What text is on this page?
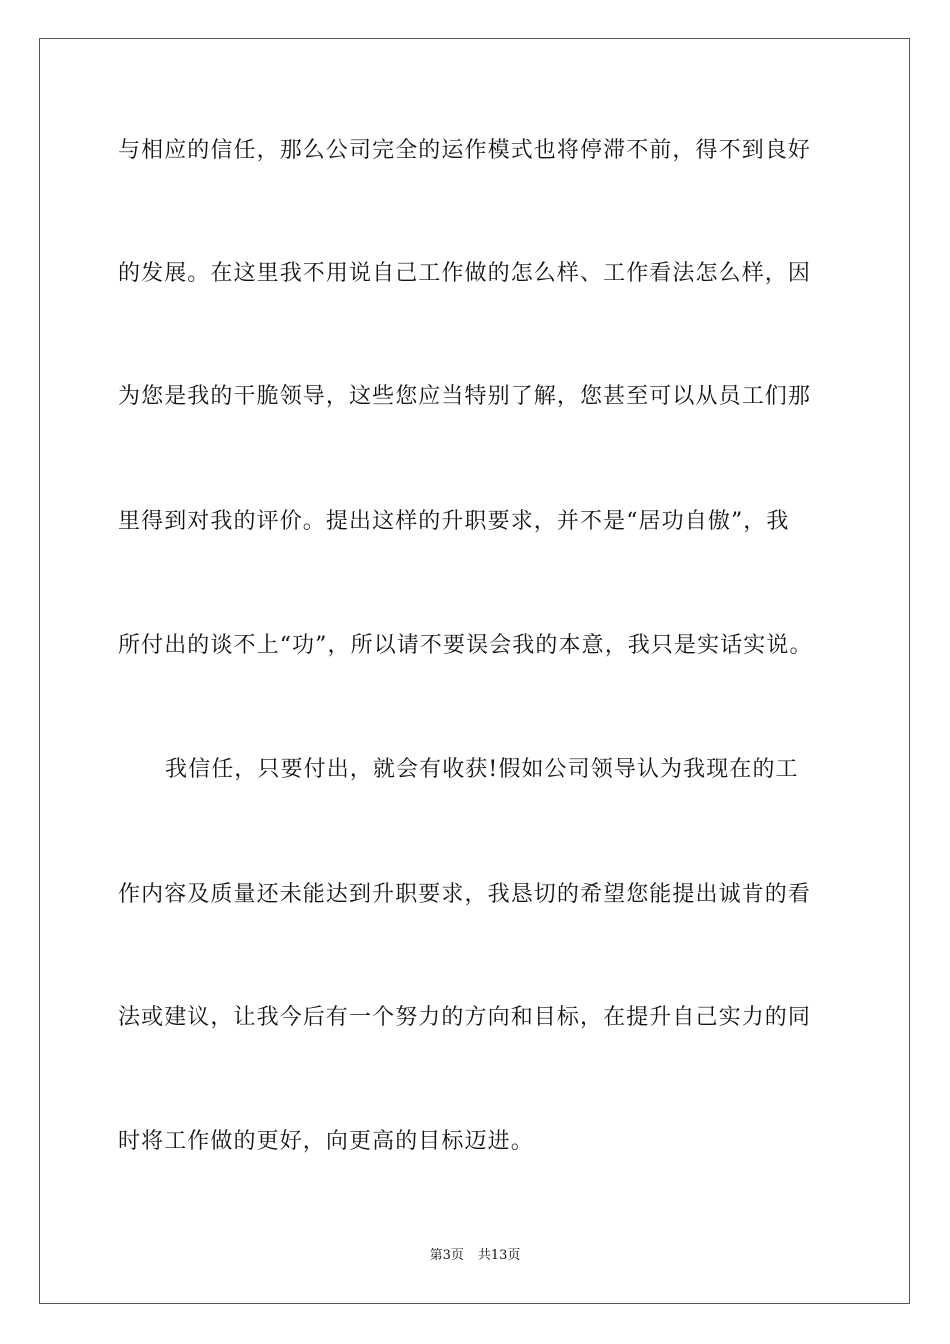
与相应的信任，那么公司完全的运作模式也将停滞不前，得不到良好
的发展。在这里我不用说自己工作做的怎么样、工作看法怎么样，因
为您是我的干脆领导，这些您应当特别了解，您甚至可以从员工们那
里得到对我的评价。提出这样的升职要求，并不是“居功自傲”，我
所付出的谈不上“功”，所以请不要误会我的本意，我只是实话实说。
我信任，只要付出，就会有收获!假如公司领导认为我现在的工
作内容及质量还未能达到升职要求，我恳切的希望您能提出诚肯的看
法或建议，让我今后有一个努力的方向和目标，在提升自己实力的同
时将工作做的更好，向更高的目标迈进。
第3页 共13页
